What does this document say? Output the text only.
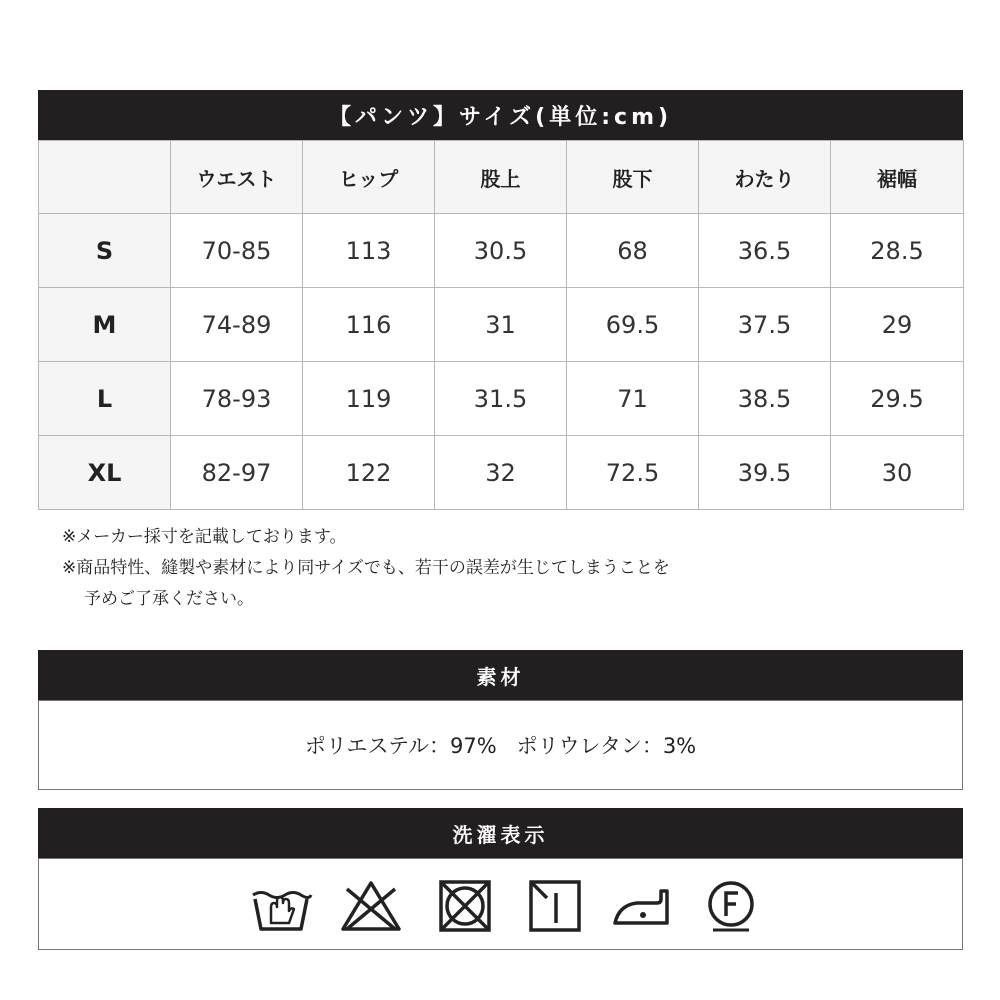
【パンツ】サイズ(単位:cm)
	ウエスト	ヒップ	股上	股下	わたり	裾幅
S	70-85	113	30.5	68	36.5	28.5
M	74-89	116	31	69.5	37.5	29
L	78-93	119	31.5	71	38.5	29.5
XL	82-97	122	32	72.5	39.5	30
※メーカー採寸を記載しております。
※商品特性、縫製や素材により同サイズでも、若干の誤差が生じてしまうことを
予めご了承ください。
素材
ポリエステル：97% ポリウレタン：3%
洗濯表示
